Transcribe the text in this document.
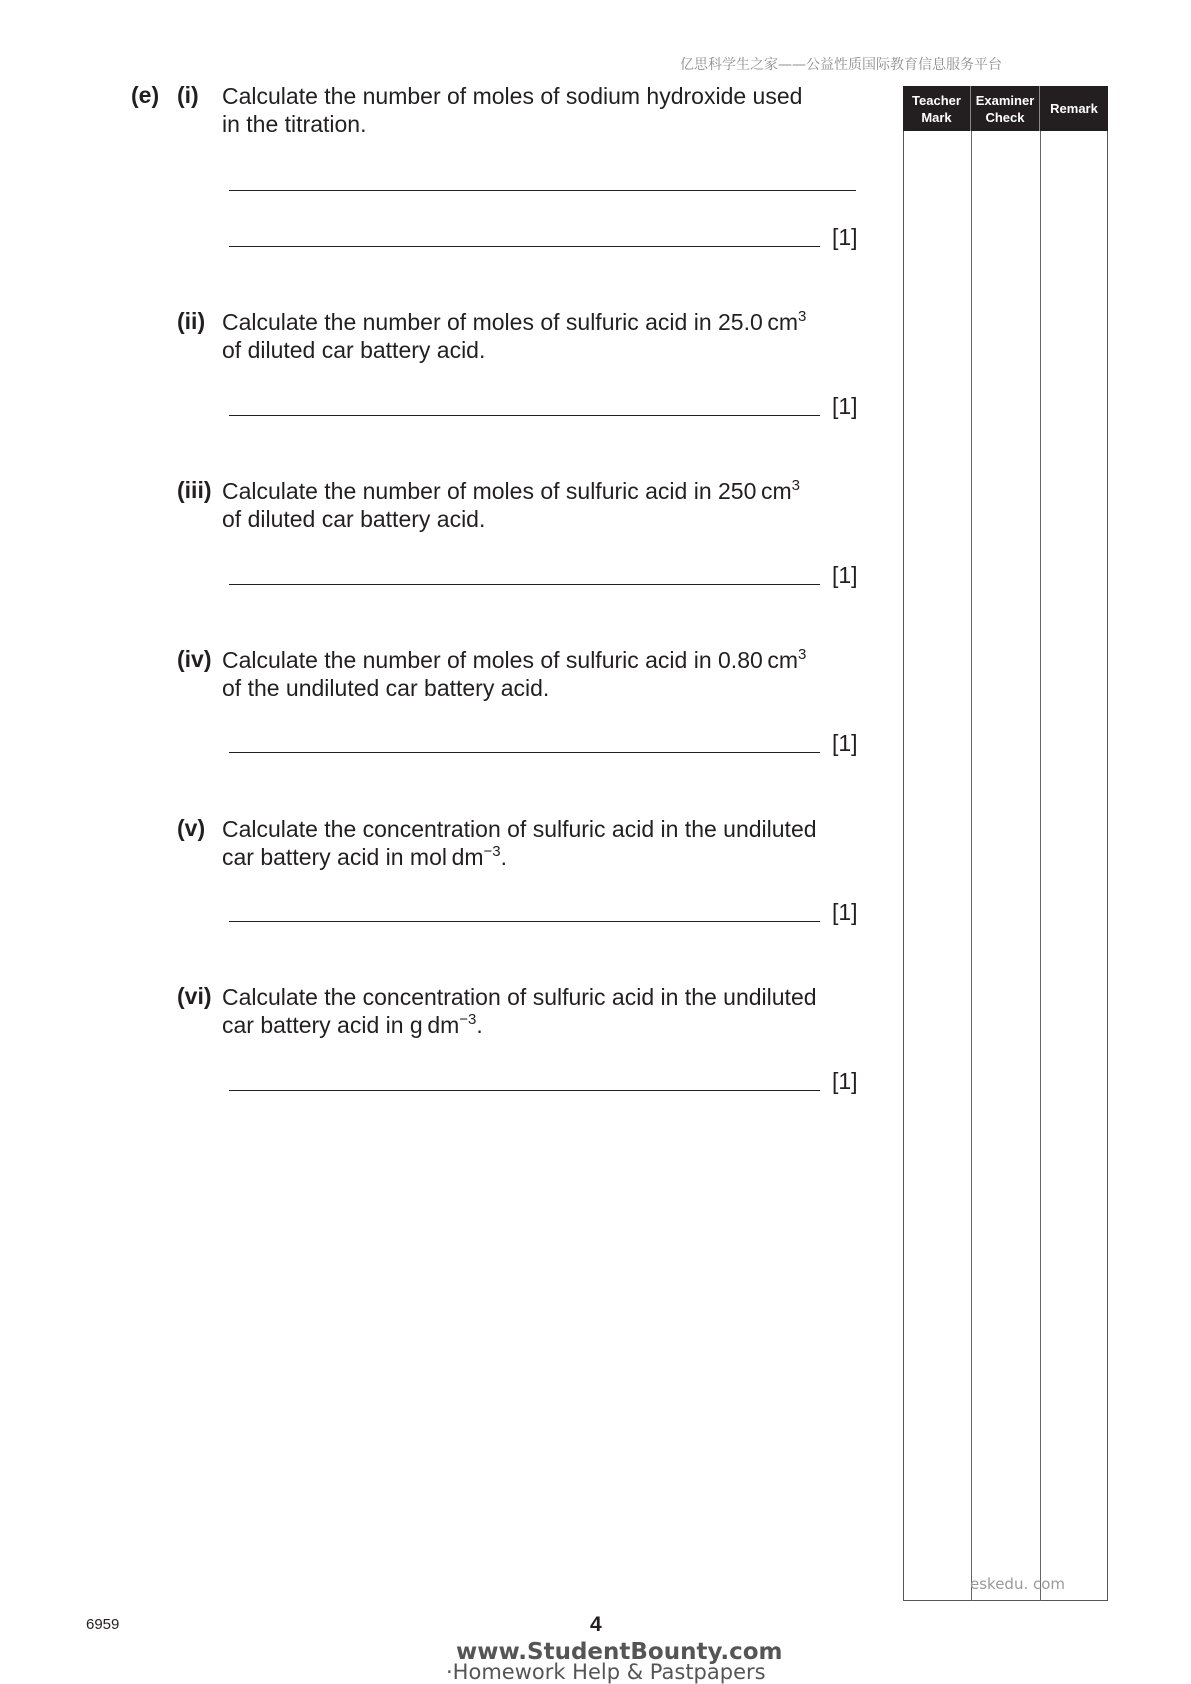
亿思科学生之家——公益性质国际教育信息服务平台
(e) (i) Calculate the number of moles of sodium hydroxide used
in the titration.
[1]
(ii) Calculate the number of moles of sulfuric acid in 25.0 $cm^3$
of diluted car battery acid.
[1]
(iii) Calculate the number of moles of sulfuric acid in 250 $cm^3$
of diluted car battery acid.
[1]
(iv) Calculate the number of moles of sulfuric acid in 0.80 $cm^3$
of the undiluted car battery acid.
[1]
(v) Calculate the concentration of sulfuric acid in the undiluted
car battery acid in mol $dm^{-3}$.
[1]
(vi) Calculate the concentration of sulfuric acid in the undiluted
car battery acid in g $dm^{-3}$.
[1]
Teacher
Mark
Examiner
Check
Remark
eskedu. com
6959	4
www.StudentBounty.com
·Homework Help & Pastpapers
